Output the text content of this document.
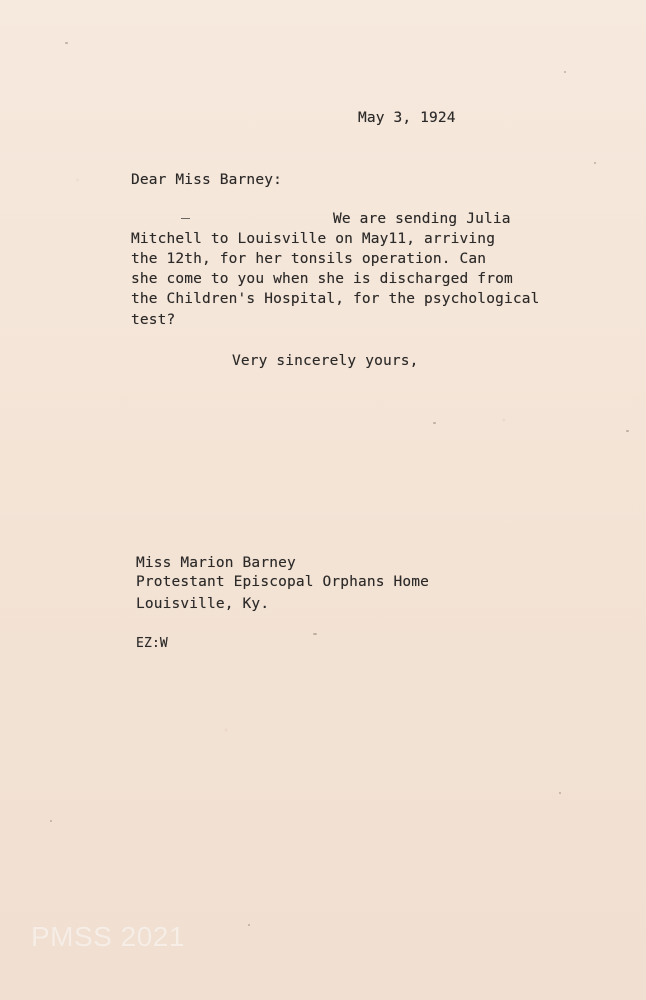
May 3, 1924
Dear Miss Barney:
We are sending Julia
Mitchell to Louisville on May11, arriving
the 12th, for her tonsils operation. Can
she come to you when she is discharged from
the Children's Hospital, for the psychological
test?
Very sincerely yours,
Miss Marion Barney
Protestant Episcopal Orphans Home
Louisville, Ky.
EZ:W
PMSS 2021
